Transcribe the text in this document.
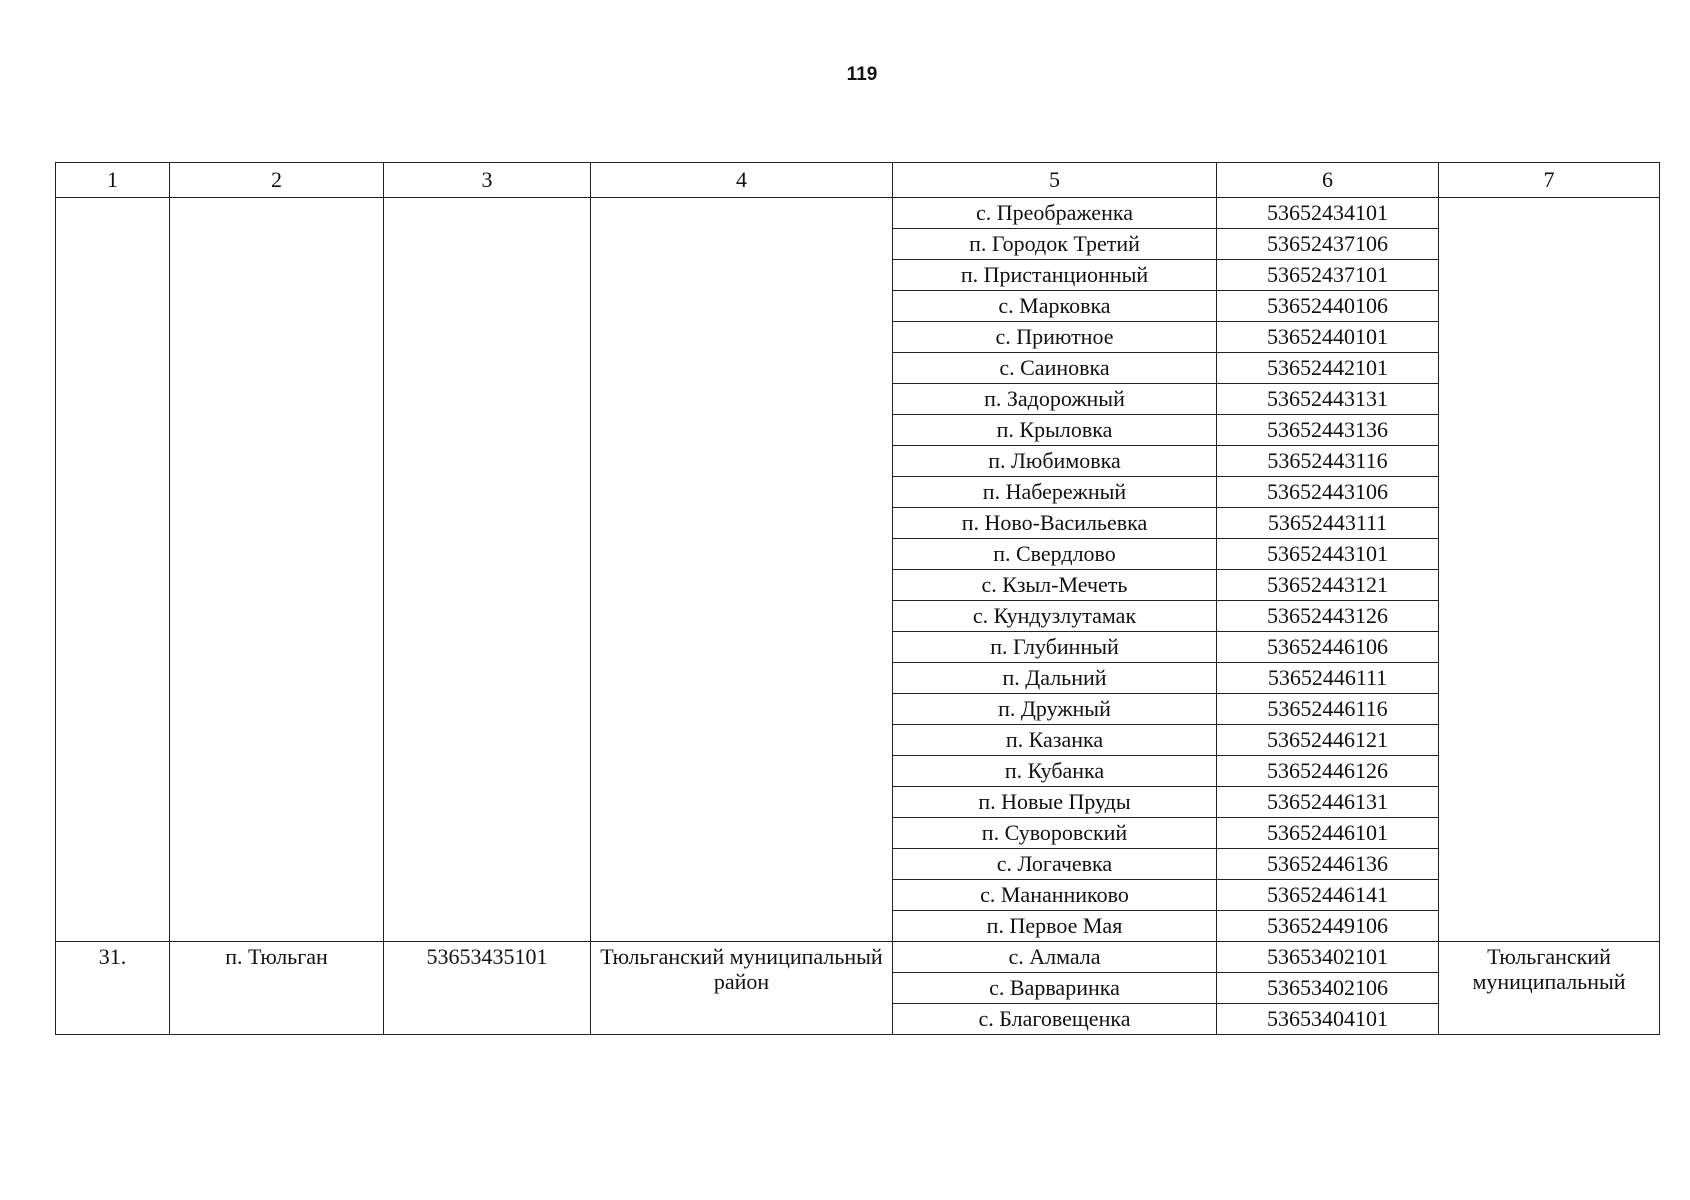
119
1	2	3	4	5	6	7
				с. Преображенка	53652434101	
				п. Городок Третий	53652437106	
				п. Пристанционный	53652437101	
				с. Марковка	53652440106	
				с. Приютное	53652440101	
				с. Саиновка	53652442101	
				п. Задорожный	53652443131	
				п. Крыловка	53652443136	
				п. Любимовка	53652443116	
				п. Набережный	53652443106	
				п. Ново-Васильевка	53652443111	
				п. Свердлово	53652443101	
				с. Кзыл-Мечеть	53652443121	
				с. Кундузлутамак	53652443126	
				п. Глубинный	53652446106	
				п. Дальний	53652446111	
				п. Дружный	53652446116	
				п. Казанка	53652446121	
				п. Кубанка	53652446126	
				п. Новые Пруды	53652446131	
				п. Суворовский	53652446101	
				с. Логачевка	53652446136	
				с. Мананниково	53652446141	
				п. Первое Мая	53652449106	
31.	п. Тюльган	53653435101	Тюльганский муниципальный район	с. Алмала	53653402101	Тюльганский муниципальный
				с. Варваринка	53653402106	
				с. Благовещенка	53653404101	
